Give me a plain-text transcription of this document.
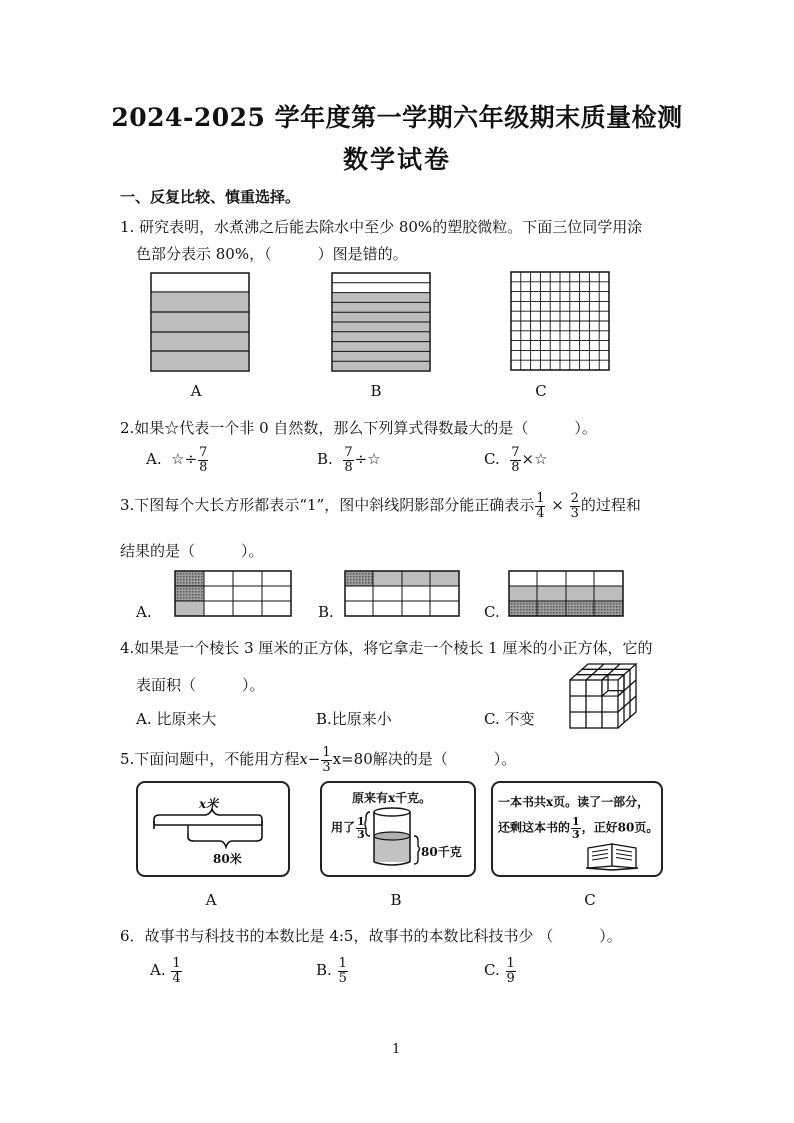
2024-2025 学年度第一学期六年级期末质量检测
数学试卷
一、反复比较、慎重选择。
1. 研究表明，水煮沸之后能去除水中至少 80%的塑胶微粒。下面三位同学用涂
色部分表示 80%，（	）图是错的。
A	B	C
2.如果☆代表一个非 0 自然数，那么下列算式得数最大的是（	）。
A. ☆÷ $\frac{7}{8}$	B. $\frac{7}{8}$ ÷☆	C. $\frac{7}{8}$ ×☆
3.下图每个大长方形都表示“1”，图中斜线阴影部分能正确表示 $\frac{1}{4} \times \frac{2}{3}$ 的过程和
结果的是（	）。
A.	B.	C.
4.如果是一个棱长 3 厘米的正方体，将它拿走一个棱长 1 厘米的小正方体，它的
表面积（	）。
A. 比原来大	B.比原来小	C. 不变
5.下面问题中，不能用方程$x- \frac{1}{3} x=80$解决的是（	）。
x米
80米
A
原来有x千克。
用了 $\frac{1}{3}$
80千克
B
一本书共x页。读了一部分，
还剩这本书的 $\frac{1}{3}$ ，正好80页。
C
6．故事书与科技书的本数比是 4:5，故事书的本数比科技书少 （	）。
A. $\frac{1}{4}$	B. $\frac{1}{5}$	C. $\frac{1}{9}$
1
